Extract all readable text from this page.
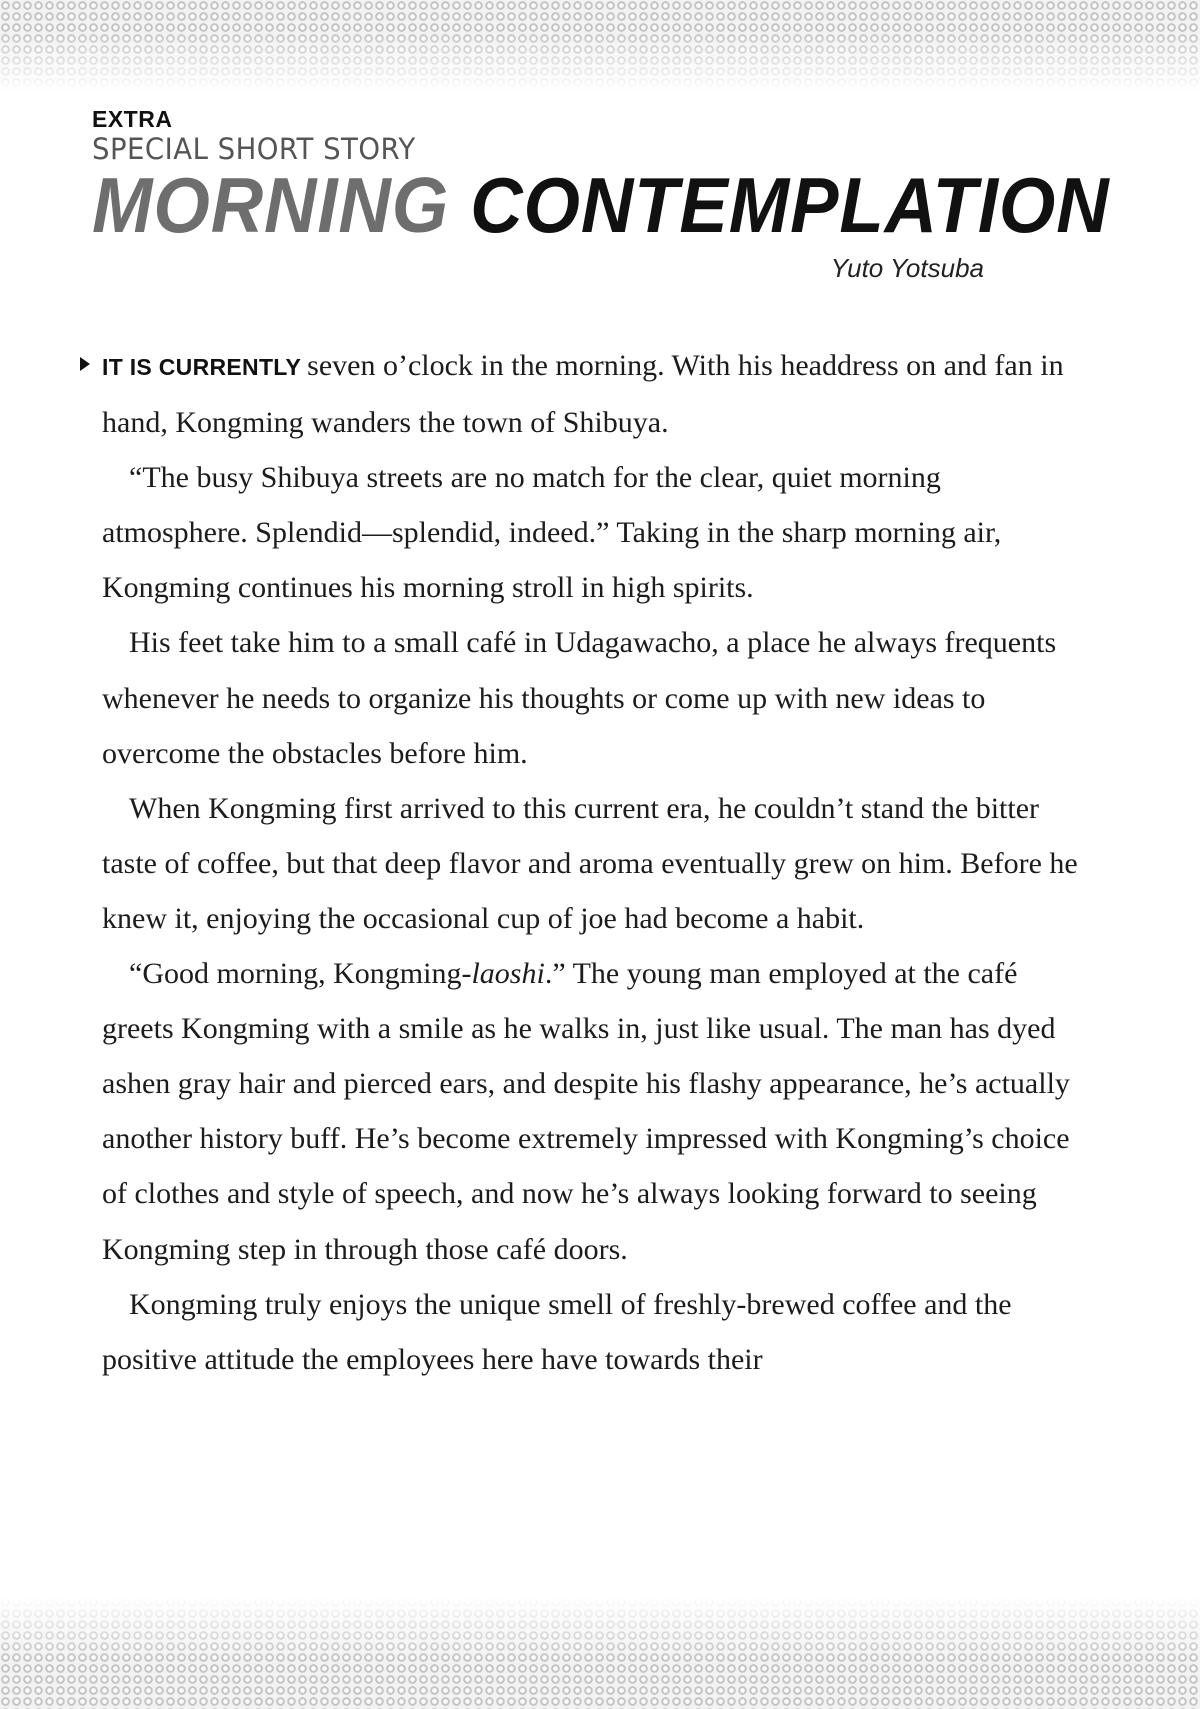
EXTRA
SPECIAL SHORT STORY
MORNING CONTEMPLATION
Yuto Yotsuba

IT IS CURRENTLY seven o’clock in the morning. With his headdress on and fan in hand, Kongming wanders the town of Shibuya.

“The busy Shibuya streets are no match for the clear, quiet morning atmosphere. Splendid—splendid, indeed.” Taking in the sharp morning air, Kongming continues his morning stroll in high spirits.

His feet take him to a small café in Udagawacho, a place he always frequents whenever he needs to organize his thoughts or come up with new ideas to overcome the obstacles before him.

When Kongming first arrived to this current era, he couldn’t stand the bitter taste of coffee, but that deep flavor and aroma eventually grew on him. Before he knew it, enjoying the occasional cup of joe had become a habit.

“Good morning, Kongming-laoshi.” The young man employed at the café greets Kongming with a smile as he walks in, just like usual. The man has dyed ashen gray hair and pierced ears, and despite his flashy appearance, he’s actually another history buff. He’s become extremely impressed with Kongming’s choice of clothes and style of speech, and now he’s always looking forward to seeing Kongming step in through those café doors.

Kongming truly enjoys the unique smell of freshly-brewed coffee and the positive attitude the employees here have towards their
